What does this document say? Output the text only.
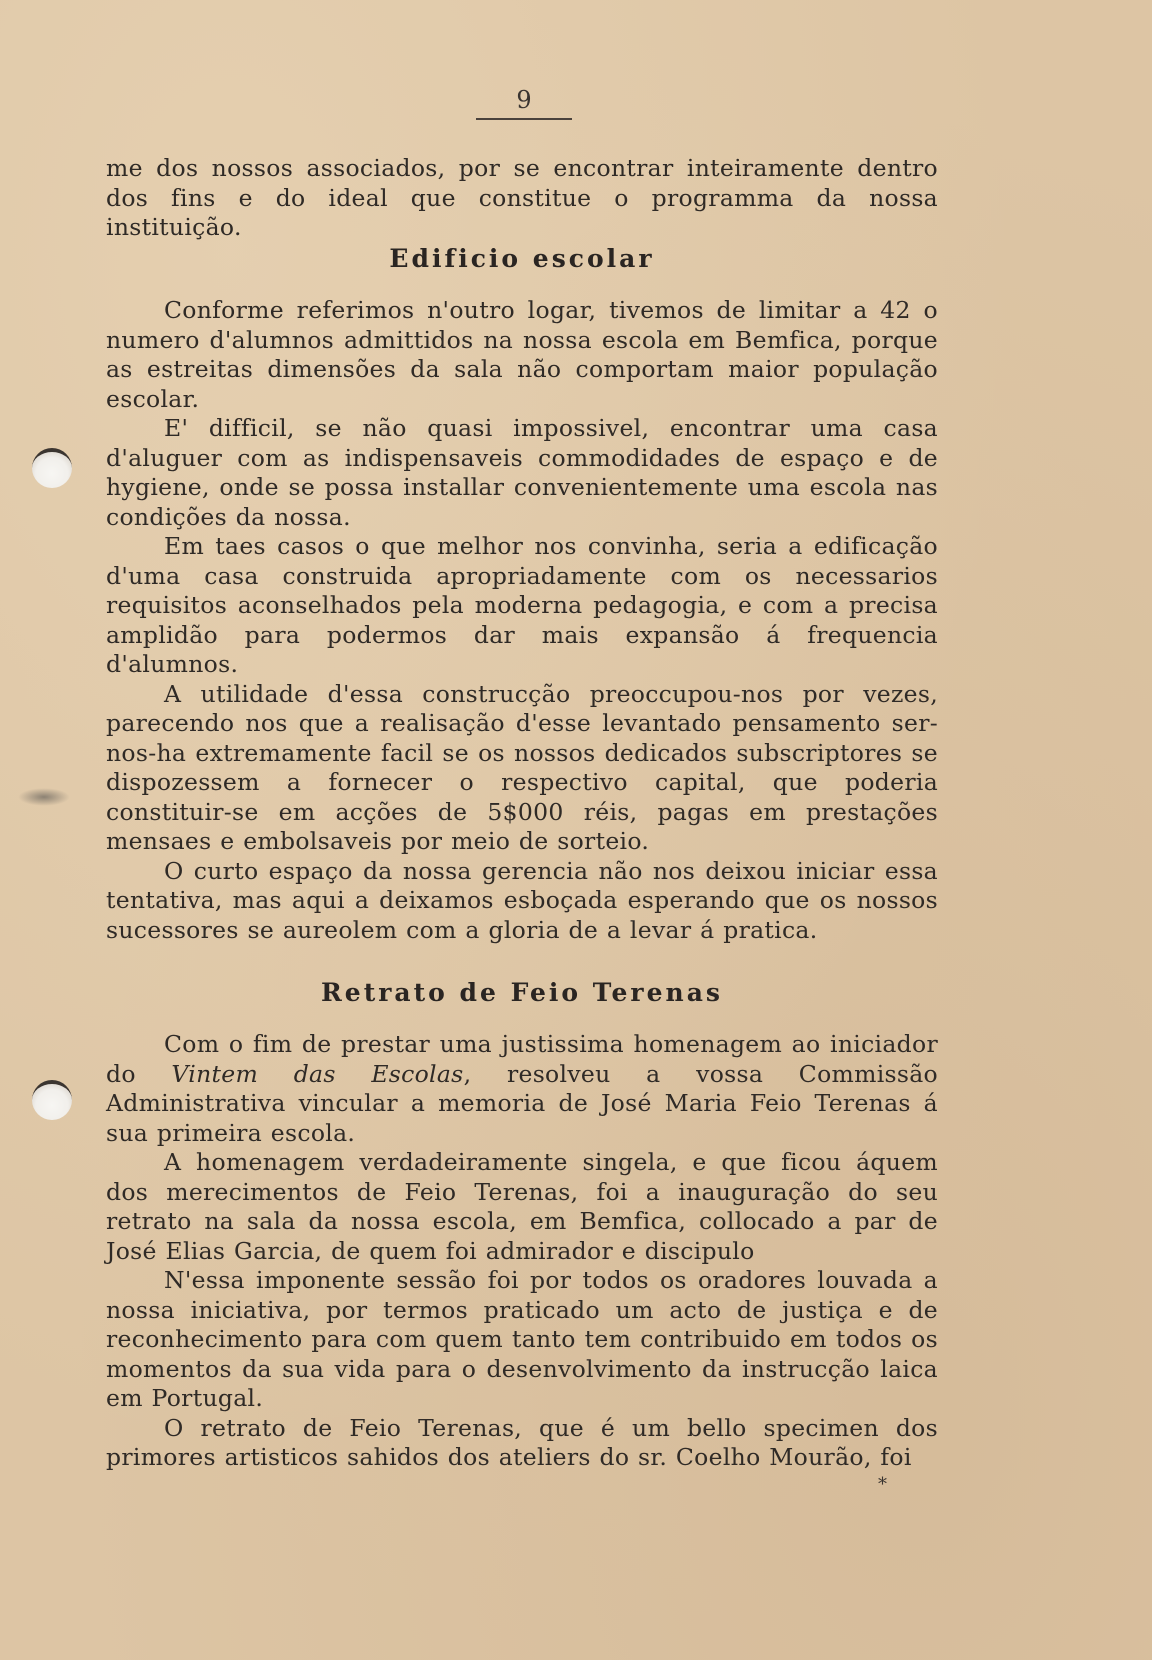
9

me dos nossos associados, por se encontrar inteiramente dentro dos fins e do ideal que constitue o programma da nossa instituição.

Edificio escolar

Conforme referimos n'outro logar, tivemos de limitar a 42 o numero d'alumnos admittidos na nossa escola em Bemfica, porque as estreitas dimensões da sala não comportam maior população escolar.

E' difficil, se não quasi impossivel, encontrar uma casa d'aluguer com as indispensaveis commodidades de espaço e de hygiene, onde se possa installar convenientemente uma escola nas condições da nossa.

Em taes casos o que melhor nos convinha, seria a edificação d'uma casa construida apropriadamente com os necessarios requisitos aconselhados pela moderna pedagogia, e com a precisa amplidão para podermos dar mais expansão á frequencia d'alumnos.

A utilidade d'essa construcção preoccupou-nos por vezes, parecendo nos que a realisação d'esse levantado pensamento ser-nos-ha extremamente facil se os nossos dedicados subscriptores se dispozessem a fornecer o respectivo capital, que poderia constituir-se em acções de 5$000 réis, pagas em prestações mensaes e embolsaveis por meio de sorteio.

O curto espaço da nossa gerencia não nos deixou iniciar essa tentativa, mas aqui a deixamos esboçada esperando que os nossos sucessores se aureolem com a gloria de a levar á pratica.

Retrato de Feio Terenas

Com o fim de prestar uma justissima homenagem ao iniciador do Vintem das Escolas, resolveu a vossa Commissão Administrativa vincular a memoria de José Maria Feio Terenas á sua primeira escola.

A homenagem verdadeiramente singela, e que ficou áquem dos merecimentos de Feio Terenas, foi a inauguração do seu retrato na sala da nossa escola, em Bemfica, collocado a par de José Elias Garcia, de quem foi admirador e discipulo

N'essa imponente sessão foi por todos os oradores louvada a nossa iniciativa, por termos praticado um acto de justiça e de reconhecimento para com quem tanto tem contribuido em todos os momentos da sua vida para o desenvolvimento da instrucção laica em Portugal.

O retrato de Feio Terenas, que é um bello specimen dos primores artisticos sahidos dos ateliers do sr. Coelho Mourão, foi

*
